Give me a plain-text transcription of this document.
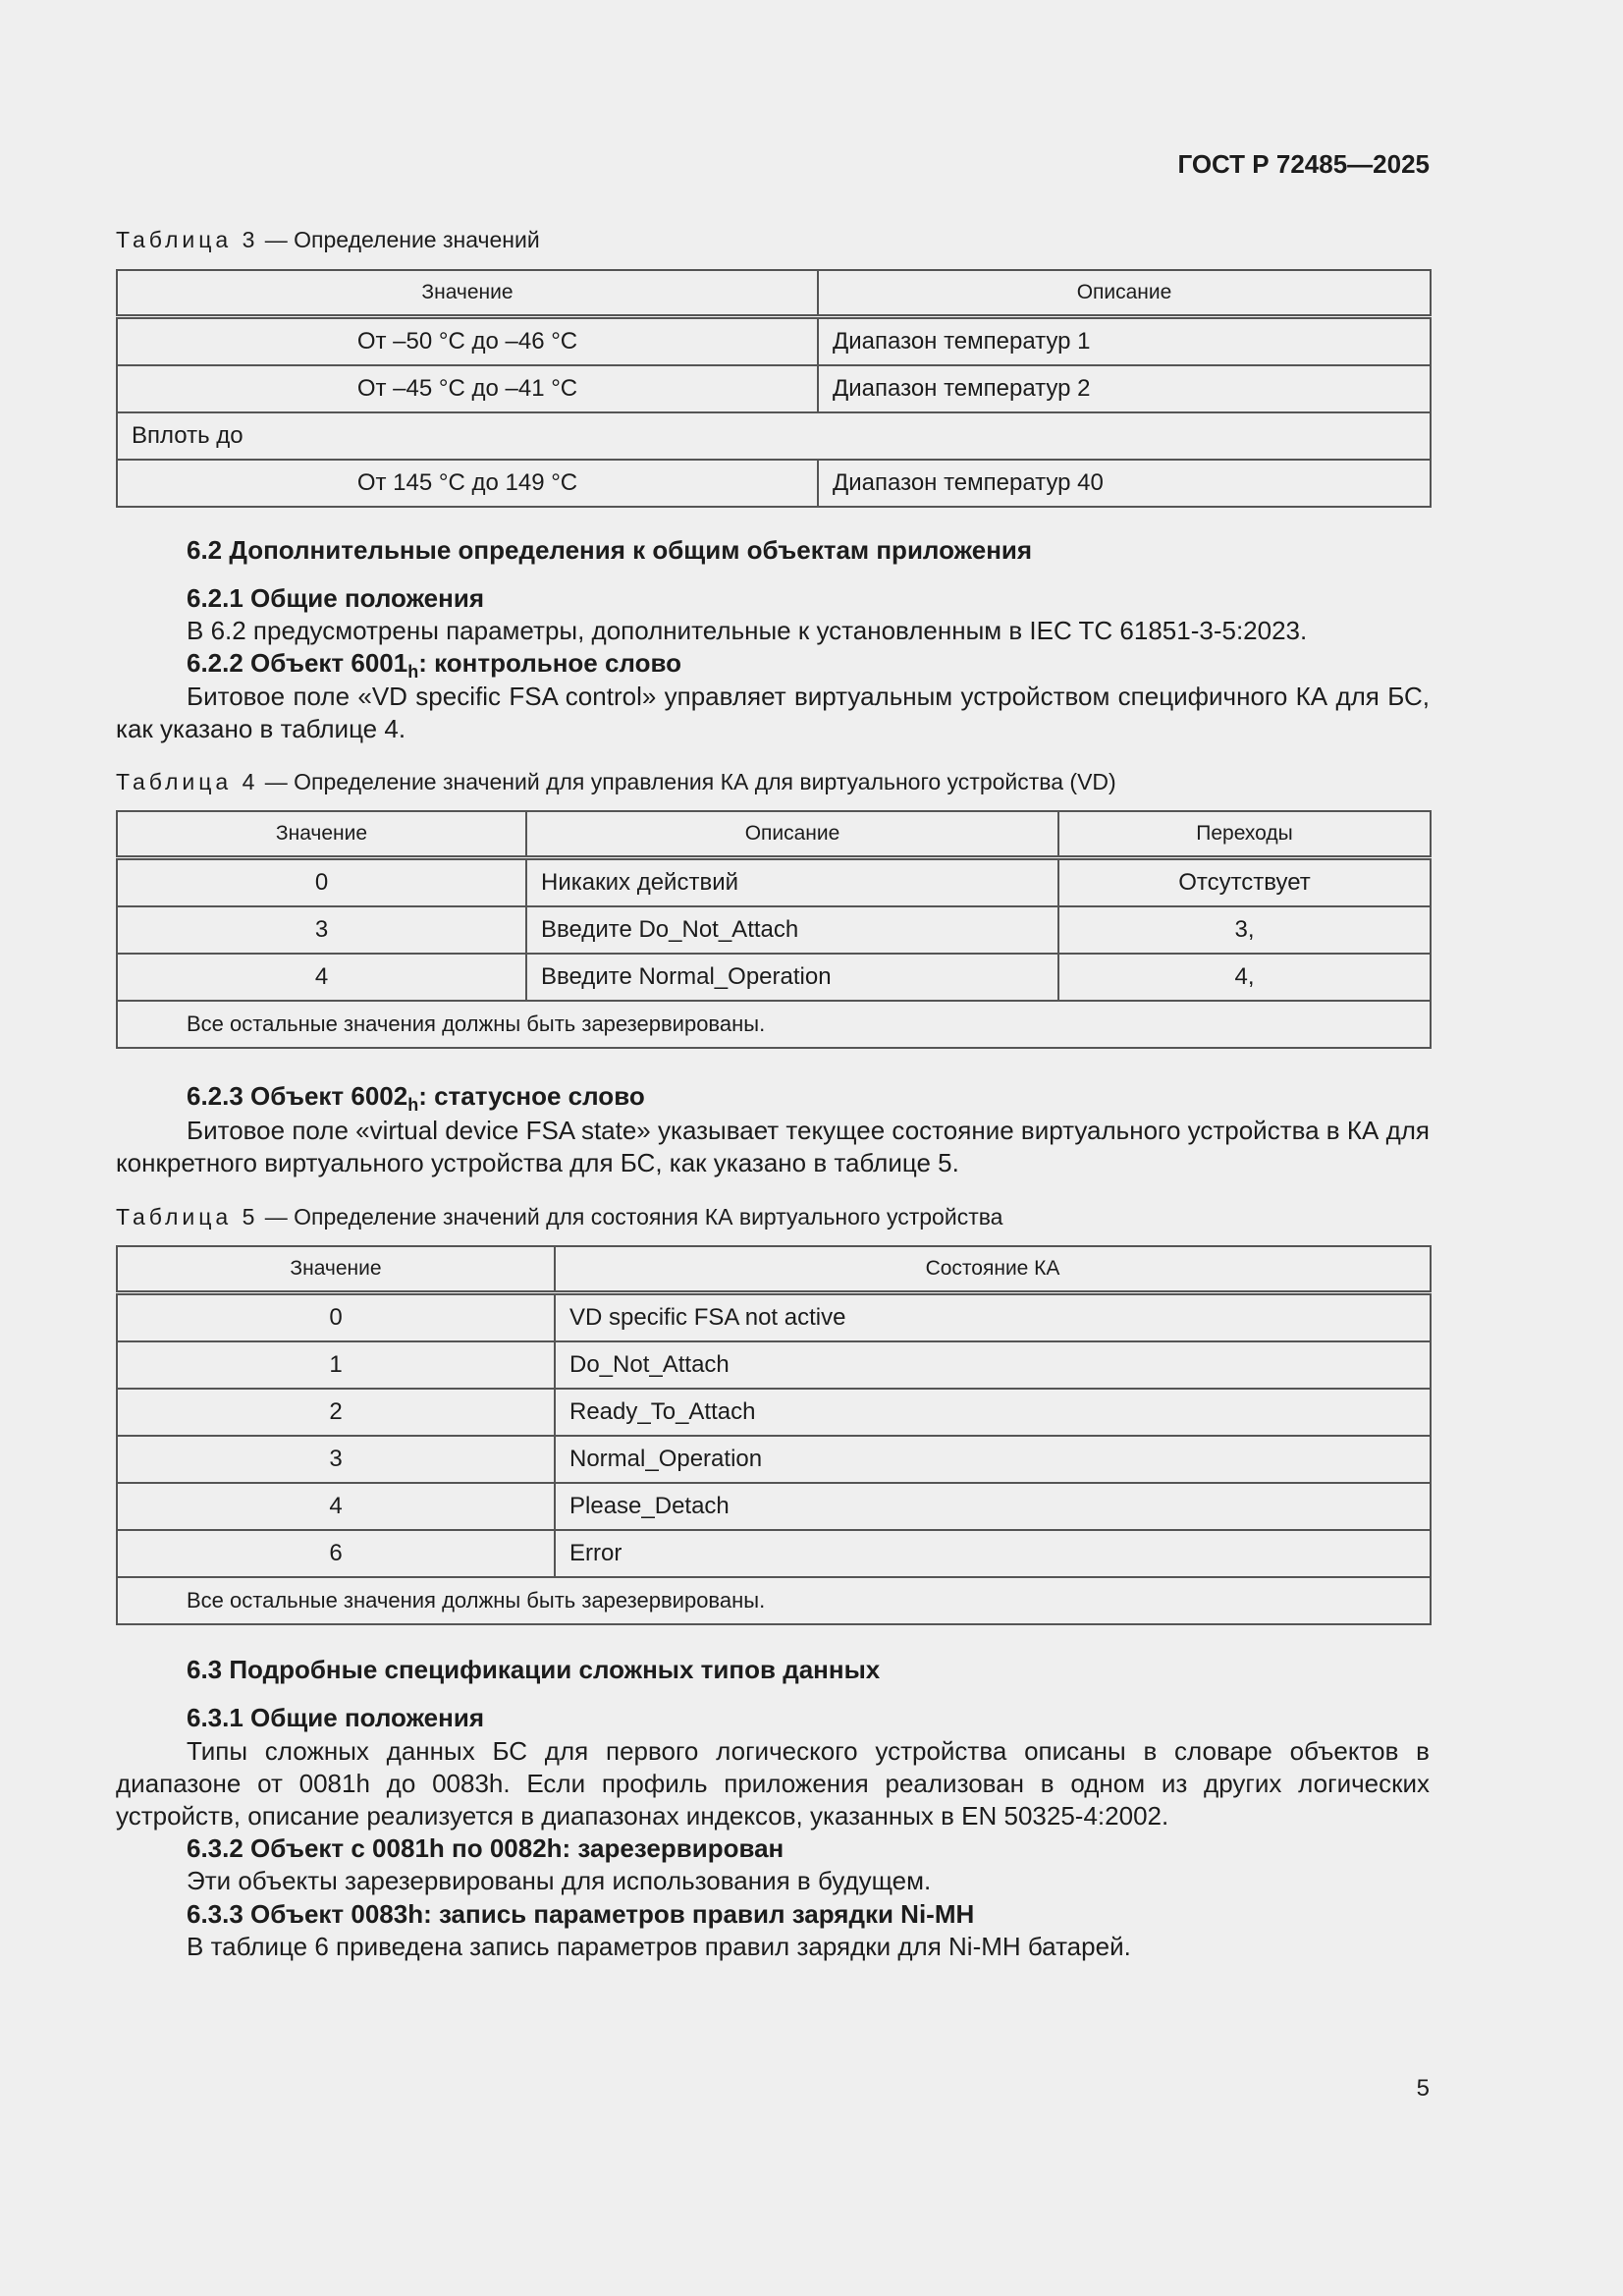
ГОСТ Р 72485—2025
Таблица 3 — Определение значений
Значение	Описание
От –50 °С до –46 °С	Диапазон температур 1
От –45 °С до –41 °С	Диапазон температур 2
Вплоть до	
От 145 °С до 149 °С	Диапазон температур 40
6.2 Дополнительные определения к общим объектам приложения
6.2.1 Общие положения
В 6.2 предусмотрены параметры, дополнительные к установленным в IEC TC 61851-3-5:2023.
6.2.2 Объект $6001_h$: контрольное слово
Битовое поле «VD specific FSA control» управляет виртуальным устройством специфичного КА для БС, как указано в таблице 4.
Таблица 4 — Определение значений для управления КА для виртуального устройства (VD)
Значение	Описание	Переходы
0	Никаких действий	Отсутствует
3	Введите Do_Not_Attach	3,
4	Введите Normal_Operation	4,
Все остальные значения должны быть зарезервированы.		
6.2.3 Объект $6002_h$: статусное слово
Битовое поле «virtual device FSA state» указывает текущее состояние виртуального устройства в КА для конкретного виртуального устройства для БС, как указано в таблице 5.
Таблица 5 — Определение значений для состояния КА виртуального устройства
Значение	Состояние КА
0	VD specific FSA not active
1	Do_Not_Attach
2	Ready_To_Attach
3	Normal_Operation
4	Please_Detach
6	Error
Все остальные значения должны быть зарезервированы.	
6.3 Подробные спецификации сложных типов данных
6.3.1 Общие положения
Типы сложных данных БС для первого логического устройства описаны в словаре объектов в диапазоне от 0081h до 0083h. Если профиль приложения реализован в одном из других логических устройств, описание реализуется в диапазонах индексов, указанных в EN 50325-4:2002.
6.3.2 Объект с 0081h по 0082h: зарезервирован
Эти объекты зарезервированы для использования в будущем.
6.3.3 Объект 0083h: запись параметров правил зарядки Ni-MH
В таблице 6 приведена запись параметров правил зарядки для Ni-MH батарей.
5
